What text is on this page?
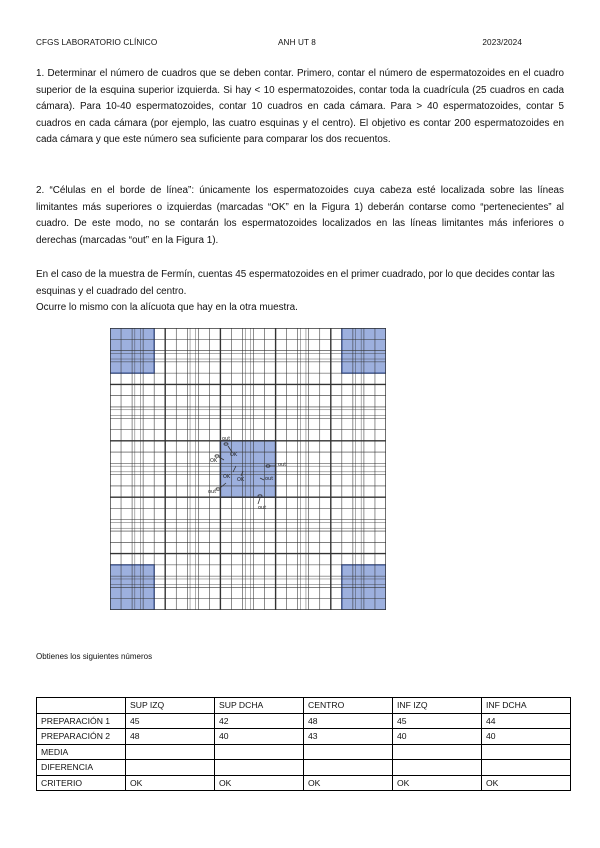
CFGS LABORATORIO CLÍNICO	ANH UT 8	2023/2024

1. Determinar el número de cuadros que se deben contar. Primero, contar el número de espermatozoides en el cuadro superior de la esquina superior izquierda. Si hay < 10 espermatozoides, contar toda la cuadrícula (25 cuadros en cada cámara). Para 10-40 espermatozoides, contar 10 cuadros en cada cámara. Para > 40 espermatozoides, contar 5 cuadros en cada cámara (por ejemplo, las cuatro esquinas y el centro). El objetivo es contar 200 espermatozoides en cada cámara y que este número sea suficiente para comparar los dos recuentos.

2. “Células en el borde de línea”: únicamente los espermatozoides cuya cabeza esté localizada sobre las líneas limitantes más superiores o izquierdas (marcadas “OK” en la Figura 1) deberán contarse como “pertenecientes” al cuadro. De este modo, no se contarán los espermatozoides localizados en las líneas limitantes más inferiores o derechas (marcadas “out” en la Figura 1).

En el caso de la muestra de Fermín, cuentas 45 espermatozoides en el primer cuadrado, por lo que decides contar las esquinas y el cuadrado del centro.

Ocurre lo mismo con la alícuota que hay en la otra muestra.

OK
OK
OK OK
out
out
out
out
out
Obtienes los siguientes números
	SUP IZQ	SUP DCHA	CENTRO	INF IZQ	INF DCHA
PREPARACIÓN 1	45	42	48	45	44
PREPARACIÓN 2	48	40	43	40	40
MEDIA					
DIFERENCIA					
CRITERIO	OK	OK	OK	OK	OK
